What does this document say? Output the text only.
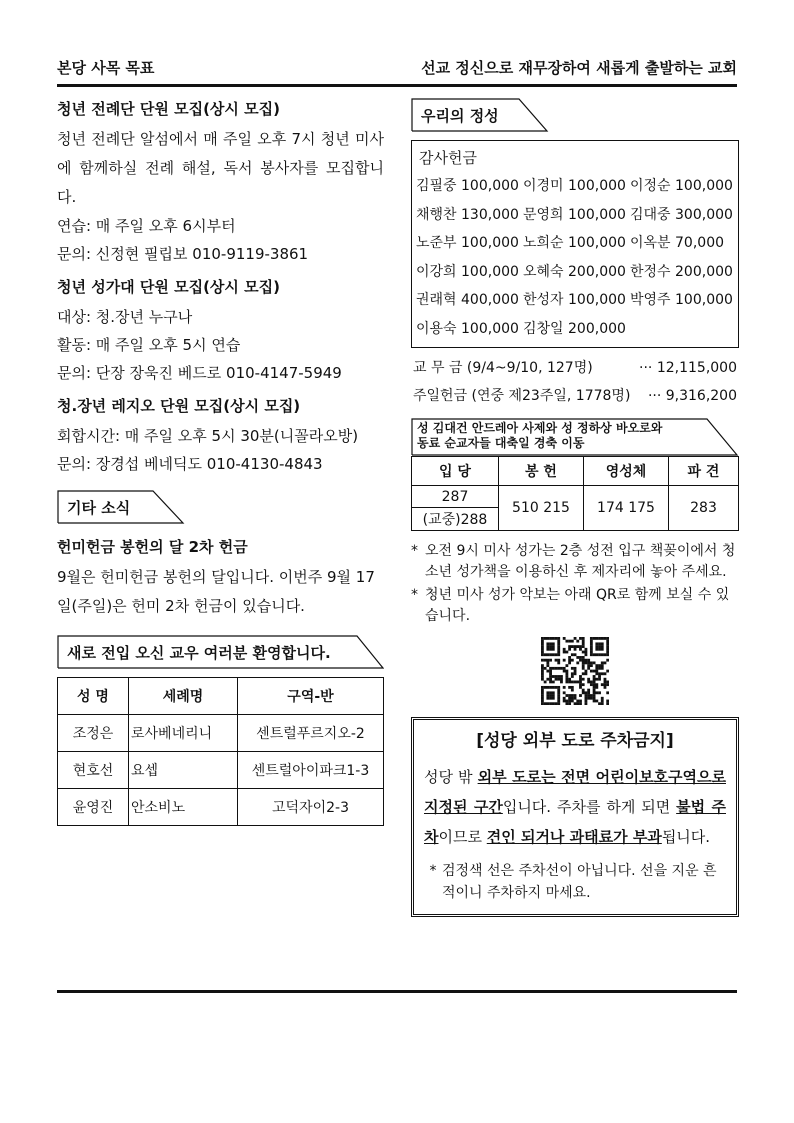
본당 사목 목표	선교 정신으로 재무장하여 새롭게 출발하는 교회
청년 전례단 단원 모집(상시 모집)

청년 전례단 알섬에서 매 주일 오후 7시 청년 미사에 함께하실 전례 해설, 독서 봉사자를 모집합니다.

연습: 매 주일 오후 6시부터
문의: 신정현 필립보 010-9119-3861
청년 성가대 단원 모집(상시 모집)
대상: 청.장년 누구나
활동: 매 주일 오후 5시 연습
문의: 단장 장욱진 베드로 010-4147-5949
청.장년 레지오 단원 모집(상시 모집)
회합시간: 매 주일 오후 5시 30분(니꼴라오방)
문의: 장경섭 베네딕도 010-4130-4843
기타 소식
헌미헌금 봉헌의 달 2차 헌금

9월은 헌미헌금 봉헌의 달입니다. 이번주 9월 17일(주일)은 헌미 2차 헌금이 있습니다.

새로 전입 오신 교우 여러분 환영합니다.
성 명	세례명	구역-반
조정은	로사베네리니	센트럴푸르지오-2
현호선	요셉	센트럴아이파크1-3
윤영진	안소비노	고덕자이2-3
우리의 정성
감사헌금
김필중 100,000 이경미 100,000 이정순 100,000
채행찬 130,000 문영희 100,000 김대중 300,000
노준부 100,000 노희순 100,000 이옥분 70,000
이강희 100,000 오혜숙 200,000 한정수 200,000
권래혁 400,000 한성자 100,000 박영주 100,000
이용숙 100,000 김창일 200,000
교 무 금 (9/4~9/10, 127명)	··· 12,115,000
주일헌금 (연중 제23주일, 1778명) ··· 9,316,200
성 김대건 안드레아 사제와 성 정하상 바오로와
동료 순교자들 대축일 경축 이동
입 당	봉 헌	영성체	파 견
287	510 215	174 175	283
(교중)288			
* 오전 9시 미사 성가는 2층 성전 입구 책꽂이에서 청소년 성가책을 이용하신 후 제자리에 놓아 주세요.
* 청년 미사 성가 악보는 아래 QR로 함께 보실 수 있습니다.
[성당 외부 도로 주차금지]
성당 밖 외부 도로는 전면 어린이보호구역으로 지정된 구간입니다. 주차를 하게 되면 불법 주차이므로 견인 되거나 과태료가 부과됩니다.
* 검정색 선은 주차선이 아닙니다. 선을 지운 흔적이니 주차하지 마세요.
